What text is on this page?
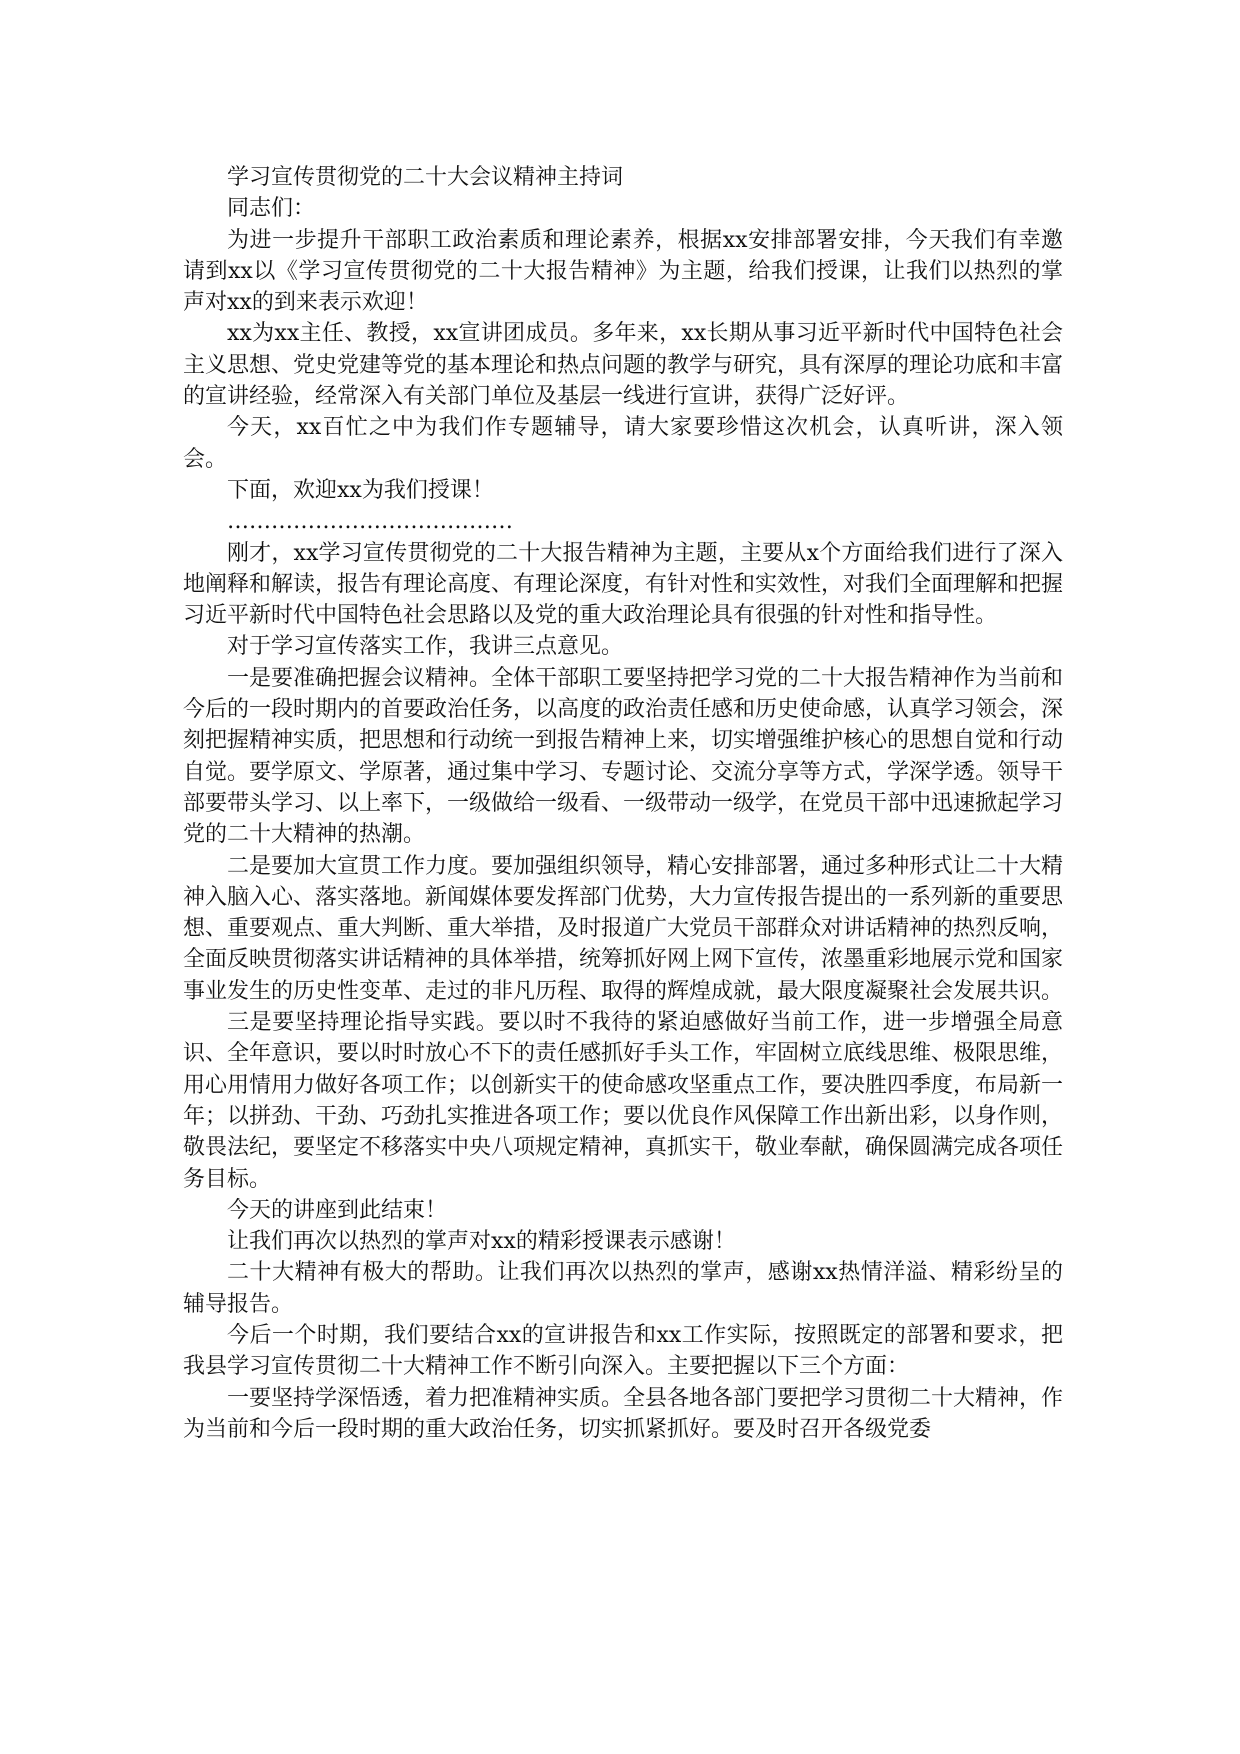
学习宣传贯彻党的二十大会议精神主持词

同志们：

为进一步提升干部职工政治素质和理论素养，根据xx安排部署安排，今天我们有幸邀请到xx以《学习宣传贯彻党的二十大报告精神》为主题，给我们授课，让我们以热烈的掌声对xx的到来表示欢迎！

xx为xx主任、教授，xx宣讲团成员。多年来，xx长期从事习近平新时代中国特色社会主义思想、党史党建等党的基本理论和热点问题的教学与研究，具有深厚的理论功底和丰富的宣讲经验，经常深入有关部门单位及基层一线进行宣讲，获得广泛好评。

今天，xx百忙之中为我们作专题辅导，请大家要珍惜这次机会，认真听讲，深入领会。

下面，欢迎xx为我们授课！

…………………………………

刚才，xx学习宣传贯彻党的二十大报告精神为主题，主要从x个方面给我们进行了深入地阐释和解读，报告有理论高度、有理论深度，有针对性和实效性，对我们全面理解和把握习近平新时代中国特色社会思路以及党的重大政治理论具有很强的针对性和指导性。

对于学习宣传落实工作，我讲三点意见。

一是要准确把握会议精神。全体干部职工要坚持把学习党的二十大报告精神作为当前和今后的一段时期内的首要政治任务，以高度的政治责任感和历史使命感，认真学习领会，深刻把握精神实质，把思想和行动统一到报告精神上来，切实增强维护核心的思想自觉和行动自觉。要学原文、学原著，通过集中学习、专题讨论、交流分享等方式，学深学透。领导干部要带头学习、以上率下，一级做给一级看、一级带动一级学，在党员干部中迅速掀起学习党的二十大精神的热潮。

二是要加大宣贯工作力度。要加强组织领导，精心安排部署，通过多种形式让二十大精神入脑入心、落实落地。新闻媒体要发挥部门优势，大力宣传报告提出的一系列新的重要思想、重要观点、重大判断、重大举措，及时报道广大党员干部群众对讲话精神的热烈反响，全面反映贯彻落实讲话精神的具体举措，统筹抓好网上网下宣传，浓墨重彩地展示党和国家事业发生的历史性变革、走过的非凡历程、取得的辉煌成就，最大限度凝聚社会发展共识。

三是要坚持理论指导实践。要以时不我待的紧迫感做好当前工作，进一步增强全局意识、全年意识，要以时时放心不下的责任感抓好手头工作，牢固树立底线思维、极限思维，用心用情用力做好各项工作；以创新实干的使命感攻坚重点工作，要决胜四季度，布局新一年；以拼劲、干劲、巧劲扎实推进各项工作；要以优良作风保障工作出新出彩，以身作则，敬畏法纪，要坚定不移落实中央八项规定精神，真抓实干，敬业奉献，确保圆满完成各项任务目标。

今天的讲座到此结束！

让我们再次以热烈的掌声对xx的精彩授课表示感谢！

二十大精神有极大的帮助。让我们再次以热烈的掌声，感谢xx热情洋溢、精彩纷呈的辅导报告。

今后一个时期，我们要结合xx的宣讲报告和xx工作实际，按照既定的部署和要求，把我县学习宣传贯彻二十大精神工作不断引向深入。主要把握以下三个方面：

一要坚持学深悟透，着力把准精神实质。全县各地各部门要把学习贯彻二十大精神，作为当前和今后一段时期的重大政治任务，切实抓紧抓好。要及时召开各级党委
